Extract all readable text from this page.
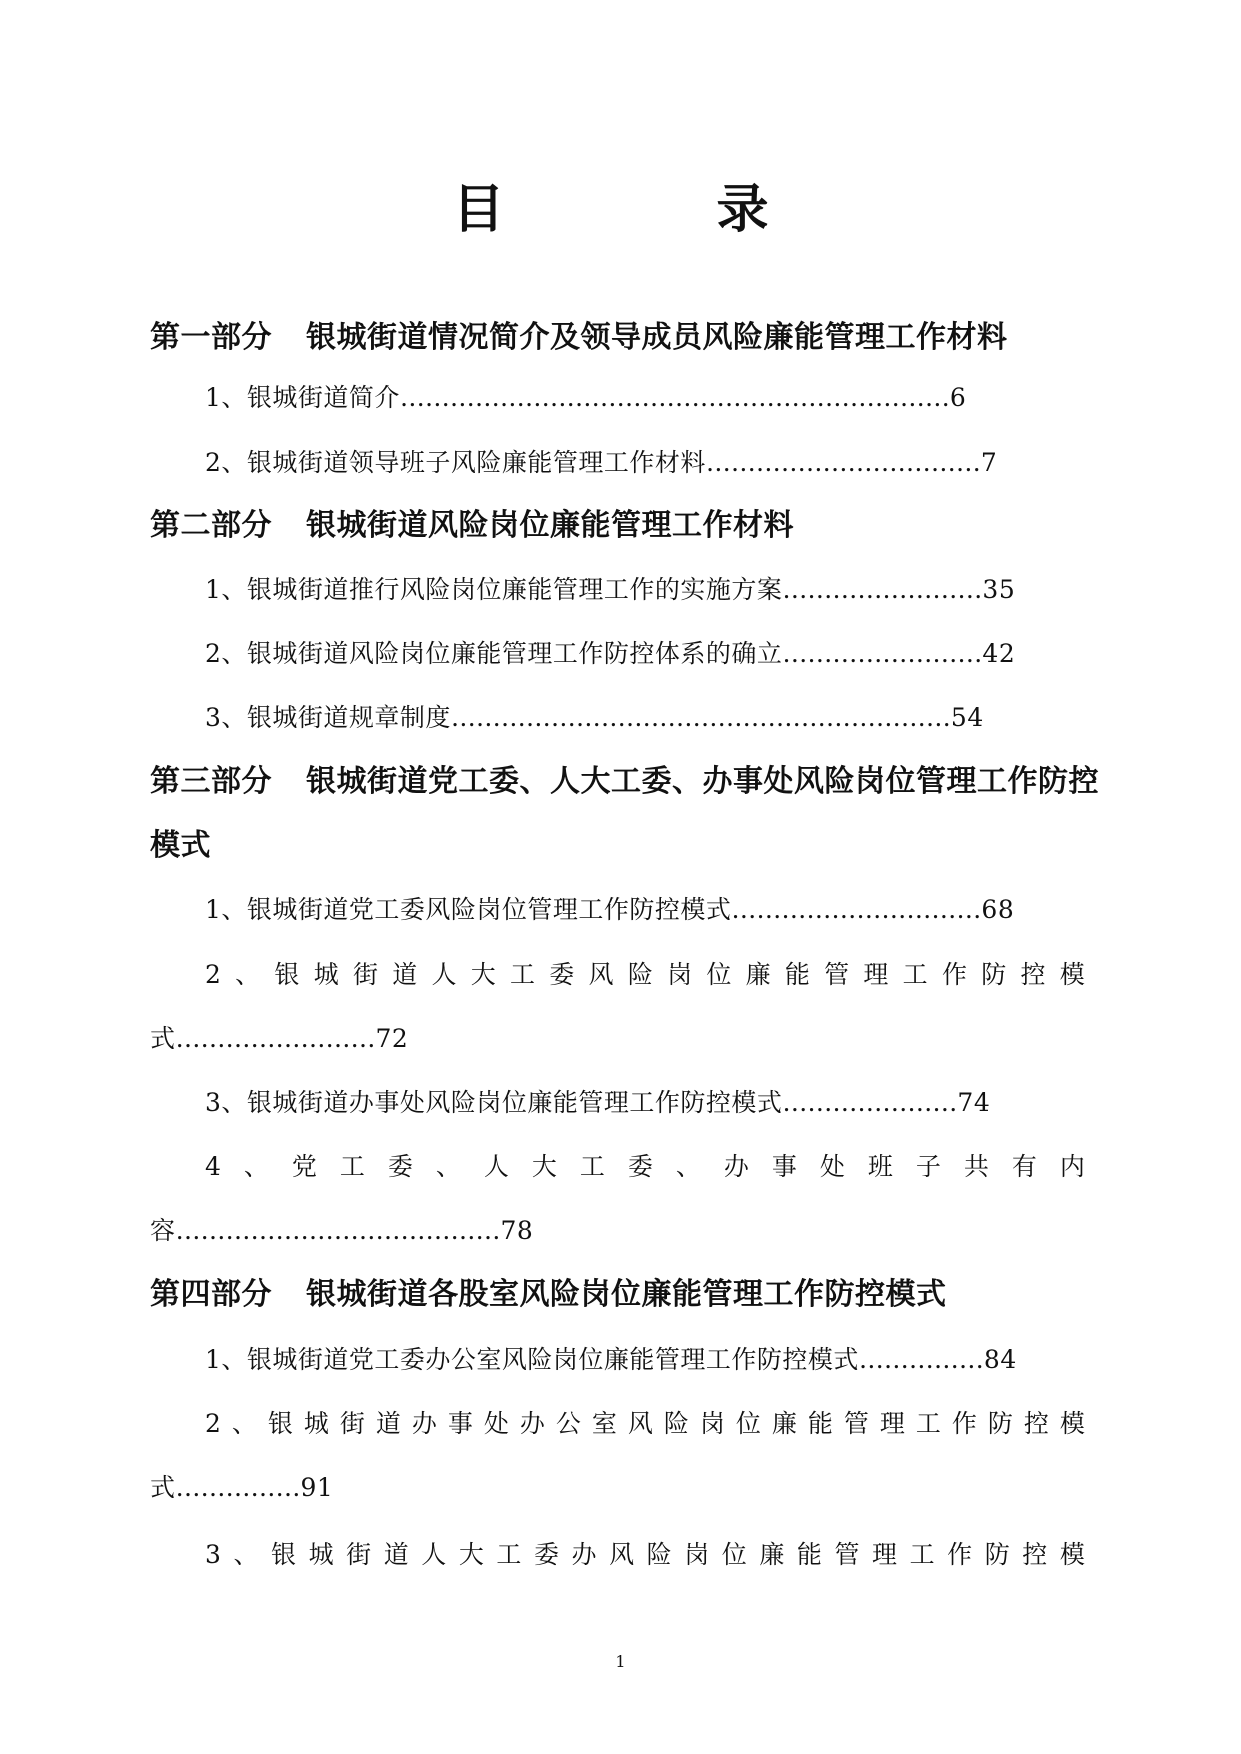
目　录
第一部分 银城街道情况简介及领导成员风险廉能管理工作材料
1、银城街道简介…………………………………………………………6
2、银城街道领导班子风险廉能管理工作材料……………………………7
第二部分 银城街道风险岗位廉能管理工作材料
1、银城街道推行风险岗位廉能管理工作的实施方案……………………35
2、银城街道风险岗位廉能管理工作防控体系的确立……………………42
3、银城街道规章制度……………………………………………………54
第三部分 银城街道党工委、人大工委、办事处风险岗位管理工作防控
模式
1、银城街道党工委风险岗位管理工作防控模式…………………………68
2 、 银 城 街 道 人 大 工 委 风 险 岗 位 廉 能 管 理 工 作 防 控 模
式……………………72
3、银城街道办事处风险岗位廉能管理工作防控模式…………………74
4 、 党 工 委 、 人 大 工 委 、 办 事 处 班 子 共 有 内
容…………………………………78
第四部分 银城街道各股室风险岗位廉能管理工作防控模式
1、银城街道党工委办公室风险岗位廉能管理工作防控模式……………84
2 、 银 城 街 道 办 事 处 办 公 室 风 险 岗 位 廉 能 管 理 工 作 防 控 模
式……………91
3 、 银 城 街 道 人 大 工 委 办 风 险 岗 位 廉 能 管 理 工 作 防 控 模
1
